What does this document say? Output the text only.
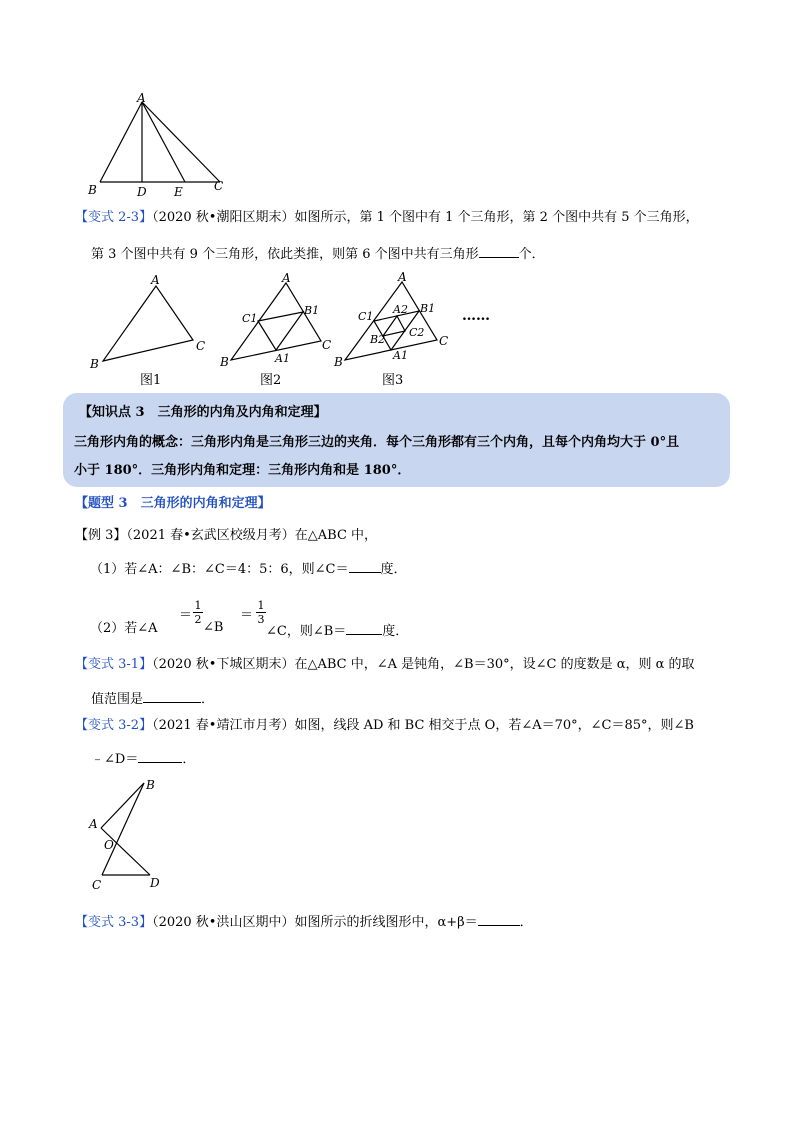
A
B	D E	C
【变式 2-3】（2020 秋•潮阳区期末）如图所示，第 1 个图中有 1 个三角形，第 2 个图中共有 5 个三角形，
第 3 个图中共有 9 个三角形，依此类推，则第 6 个图中共有三角形	个．
A
B
C
图1
A
B
C
C1
B1
A1
图2
A
B
C
C1
B1
A1
A2
B2
C2
图3
……
【知识点 3　三角形的内角及内角和定理】
三角形内角的概念：三角形内角是三角形三边的夹角．每个三角形都有三个内角，且每个内角均大于 0°且
小于 180°．三角形内角和定理：三角形内角和是 180°．
【题型 3　三角形的内角和定理】
【例 3】（2021 春•玄武区校级月考）在△ABC 中，
（1）若∠A：∠B：∠C＝4：5：6，则∠C＝ 度．
（2）若∠A
＝
1
2
∠B
＝
1
3
∠C，则∠B＝	度．
【变式 3-1】（2020 秋•下城区期末）在△ABC 中，∠A 是钝角，∠B＝30°，设∠C 的度数是 α，则 α 的取
值范围是	．
【变式 3-2】（2021 春•靖江市月考）如图，线段 AD 和 BC 相交于点 O，若∠A＝70°，∠C＝85°，则∠B
﹣∠D＝	．
B
A
O
C	D
【变式 3-3】（2020 秋•洪山区期中）如图所示的折线图形中，α+β＝	．
